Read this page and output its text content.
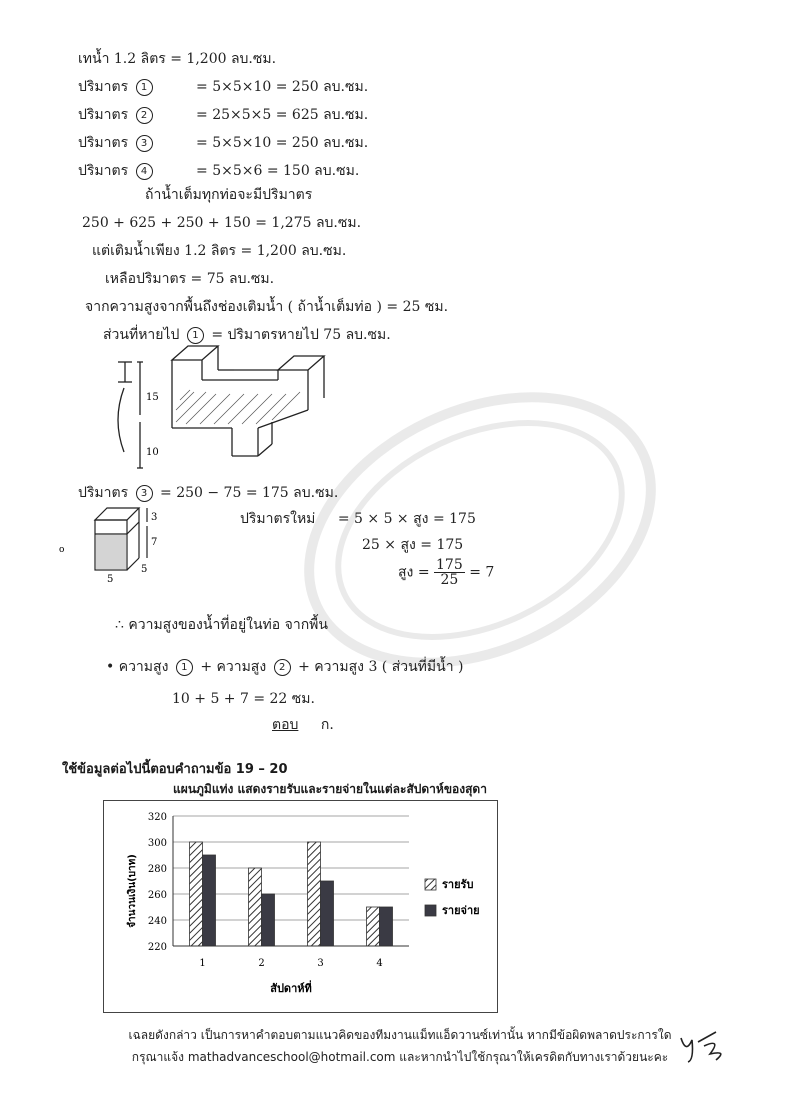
เทน้ำ 1.2 ลิตร = 1,200 ลบ.ซม.
ปริมาตร 1	= 5×5×10 = 250 ลบ.ซม.
ปริมาตร 2	= 25×5×5 = 625 ลบ.ซม.
ปริมาตร 3	= 5×5×10 = 250 ลบ.ซม.
ปริมาตร 4	= 5×5×6 = 150 ลบ.ซม.
ถ้าน้ำเต็มทุกท่อจะมีปริมาตร
250 + 625 + 250 + 150 = 1,275 ลบ.ซม.
แต่เติมน้ำเพียง 1.2 ลิตร = 1,200 ลบ.ซม.
เหลือปริมาตร = 75 ลบ.ซม.
จากความสูงจากพื้นถึงช่องเติมน้ำ ( ถ้าน้ำเต็มท่อ ) = 25 ซม.
ส่วนที่หายไป 1 = ปริมาตรหายไป 75 ลบ.ซม.
15
10
ปริมาตร 3 = 250 − 75 = 175 ลบ.ซม.
3
7
5
5
o
ปริมาตรใหม่ = 5 × 5 × สูง = 175
25 × สูง = 175
สูง = $\frac{175}{25} = 7$
∴ ความสูงของน้ำที่อยู่ในท่อ จากพื้น
• ความสูง 1 + ความสูง 2 + ความสูง 3 ( ส่วนที่มีน้ำ )
10 + 5 + 7 = 22 ซม.
ตอบ ก.
ใช้ข้อมูลต่อไปนี้ตอบคำถามข้อ 19 – 20
แผนภูมิแท่ง แสดงรายรับและรายจ่ายในแต่ละสัปดาห์ของสุดา
220
240
260
280
300
320
1	2	3	4
สัปดาห์ที่
จำนวนเงิน(บาท)	รายรับ
รายจ่าย
เฉลยดังกล่าว เป็นการหาคำตอบตามแนวคิดของทีมงานแม็ทแอ็ดวานซ์เท่านั้น หากมีข้อผิดพลาดประการใด
กรุณาแจ้ง mathadvanceschool@hotmail.com และหากนำไปใช้กรุณาให้เครดิตกับทางเราด้วยนะคะ
